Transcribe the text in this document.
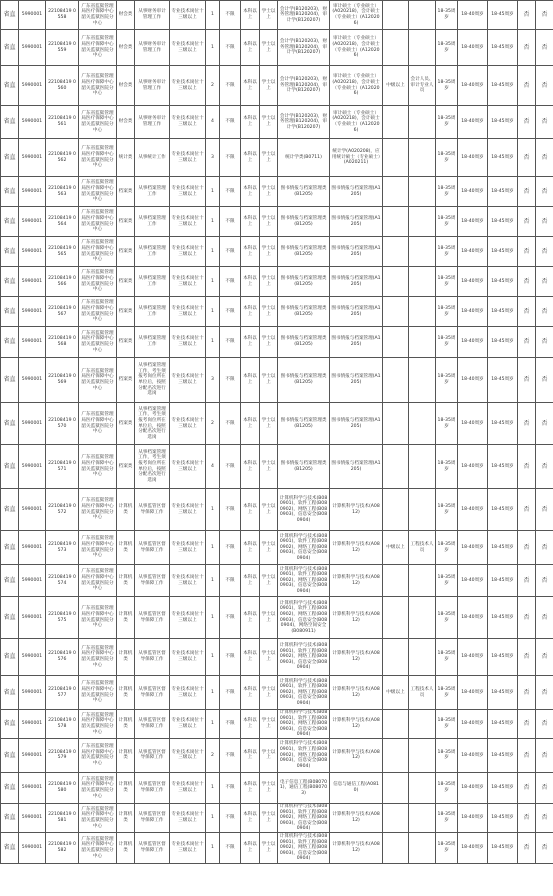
省直	5990001	22108419 0558	广东省监狱管理局医疗保障中心韶关监狱医院分中心	财会类	从事财务审计管理工作	专业技术岗位十三级以上	1	不限	本科以上	学士以上	会计学(B120203)，财务管理(B120204)，审计学(B120207)	审计硕士（专业硕士）(A020218)，会计硕士（专业硕士）(A120206)			18-35周岁	18-40周岁	18-45周岁	否	否
省直	5990001	22108419 0559	广东省监狱管理局医疗保障中心韶关监狱医院分中心	财会类	从事财务审计管理工作	专业技术岗位十三级以上	1	不限	本科以上	学士以上	会计学(B120203)，财务管理(B120204)，审计学(B120207)	审计硕士（专业硕士）(A020218)，会计硕士（专业硕士）(A120206)			18-35周岁	18-40周岁	18-45周岁	否	否
省直	5990001	22108419 0560	广东省监狱管理局医疗保障中心韶关监狱医院分中心	财会类	从事财务审计管理工作	专业技术岗位十三级以上	2	不限	本科以上	学士以上	会计学(B120203)，财务管理(B120204)，审计学(B120207)	审计硕士（专业硕士）(A020218)，会计硕士（专业硕士）(A120206)	中级以上	会计人员、审计专业人员	18-35周岁	18-40周岁	18-45周岁	否	否
省直	5990001	22108419 0561	广东省监狱管理局医疗保障中心韶关监狱医院分中心	财会类	从事财务审计管理工作	专业技术岗位十三级以上	4	不限	本科以上	学士以上	会计学(B120203)，财务管理(B120204)，审计学(B120207)	审计硕士（专业硕士）(A020218)，会计硕士（专业硕士）(A120206)			18-35周岁	18-40周岁	18-45周岁	否	否
省直	5990001	22108419 0562	广东省监狱管理局医疗保障中心韶关监狱医院分中心	统计类	从事统计工作	专业技术岗位十三级以上	3	不限	本科以上	学士以上	统计学类(B0711)	统计学(A020208)，应用统计硕士（专业硕士）(A020211)			18-35周岁	18-40周岁	18-45周岁	否	否
省直	5990001	22108419 0563	广东省监狱管理局医疗保障中心韶关监狱医院分中心	档案类	从事档案管理工作	专业技术岗位十三级以上	1	不限	本科以上	学士以上	图书情报与档案管理类(B1205)	图书情报与档案管理(A1205)			18-35周岁	18-40周岁	18-45周岁	否	否
省直	5990001	22108419 0564	广东省监狱管理局医疗保障中心韶关监狱医院分中心	档案类	从事档案管理工作	专业技术岗位十三级以上	1	不限	本科以上	学士以上	图书情报与档案管理类(B1205)	图书情报与档案管理(A1205)			18-35周岁	18-40周岁	18-45周岁	否	否
省直	5990001	22108419 0565	广东省监狱管理局医疗保障中心韶关监狱医院分中心	档案类	从事档案管理工作	专业技术岗位十三级以上	1	不限	本科以上	学士以上	图书情报与档案管理类(B1205)	图书情报与档案管理(A1205)			18-35周岁	18-40周岁	18-45周岁	否	否
省直	5990001	22108419 0566	广东省监狱管理局医疗保障中心韶关监狱医院分中心	档案类	从事档案管理工作	专业技术岗位十三级以上	1	不限	本科以上	学士以上	图书情报与档案管理类(B1205)	图书情报与档案管理(A1205)			18-35周岁	18-40周岁	18-45周岁	否	否
省直	5990001	22108419 0567	广东省监狱管理局医疗保障中心韶关监狱医院分中心	档案类	从事档案管理工作	专业技术岗位十三级以上	1	不限	本科以上	学士以上	图书情报与档案管理类(B1205)	图书情报与档案管理(A1205)			18-35周岁	18-40周岁	18-45周岁	否	否
省直	5990001	22108419 0568	广东省监狱管理局医疗保障中心韶关监狱医院分中心	档案类	从事档案管理工作	专业技术岗位十三级以上	1	不限	本科以上	学士以上	图书情报与档案管理类(B1205)	图书情报与档案管理(A1205)			18-35周岁	18-40周岁	18-45周岁	否	否
省直	5990001	22108419 0569	广东省监狱管理局医疗保障中心韶关监狱医院分中心	档案类	从事档案管理工作，考生须报考岗位所在单位后，按照分配名次进行选岗	专业技术岗位十三级以上	3	不限	本科以上	学士以上	图书情报与档案管理类(B1205)	图书情报与档案管理(A1205)			18-35周岁	18-40周岁	18-45周岁	否	否
省直	5990001	22108419 0570	广东省监狱管理局医疗保障中心韶关监狱医院分中心	档案类	从事档案管理工作，考生须报考岗位所在单位后，按照分配名次进行选岗	专业技术岗位十三级以上	2	不限	本科以上	学士以上	图书情报与档案管理类(B1205)	图书情报与档案管理(A1205)			18-35周岁	18-40周岁	18-45周岁	否	否
省直	5990001	22108419 0571	广东省监狱管理局医疗保障中心韶关监狱医院分中心	档案类	从事档案管理工作，考生须报考岗位所在单位后，按照分配名次进行选岗	专业技术岗位十三级以上	4	不限	本科以上	学士以上	图书情报与档案管理类(B1205)	图书情报与档案管理(A1205)			18-35周岁	18-40周岁	18-45周岁	否	否
省直	5990001	22108419 0572	广东省监狱管理局医疗保障中心韶关监狱医院分中心	计算机类	从事监管区督导保障工作	专业技术岗位十三级以上	1	不限	本科以上	学士以上	计算机科学与技术(B080901)，软件工程(B080902)，网络工程(B080903)，信息安全(B080904)	计算机科学与技术(A0812)			18-35周岁	18-40周岁	18-45周岁	否	否
省直	5990001	22108419 0573	广东省监狱管理局医疗保障中心韶关监狱医院分中心	计算机类	从事监管区督导保障工作	专业技术岗位十三级以上	1	不限	本科以上	学士以上	计算机科学与技术(B080901)，软件工程(B080902)，网络工程(B080903)，信息安全(B080904)	计算机科学与技术(A0812)	中级以上	工程技术人员	18-35周岁	18-40周岁	18-45周岁	否	否
省直	5990001	22108419 0574	广东省监狱管理局医疗保障中心韶关监狱医院分中心	计算机类	从事监管区督导保障工作	专业技术岗位十三级以上	1	不限	本科以上	学士以上	计算机科学与技术(B080901)，软件工程(B080902)，网络工程(B080903)，信息安全(B080904)	计算机科学与技术(A0812)			18-35周岁	18-40周岁	18-45周岁	否	否
省直	5990001	22108419 0575	广东省监狱管理局医疗保障中心韶关监狱医院分中心	计算机类	从事监管区督导保障工作	专业技术岗位十三级以上	1	不限	本科以上	学士以上	计算机科学与技术(B080901)，软件工程(B080902)，网络工程(B080903)，信息安全(B080904)，网络空间安全(B080911)	计算机科学与技术(A0812)			18-35周岁	18-40周岁	18-45周岁	否	否
省直	5990001	22108419 0576	广东省监狱管理局医疗保障中心韶关监狱医院分中心	计算机类	从事监管区督导保障工作	专业技术岗位十三级以上	1	不限	本科以上	学士以上	计算机科学与技术(B080901)，软件工程(B080902)，网络工程(B080903)，信息安全(B080904)	计算机科学与技术(A0812)			18-35周岁	18-40周岁	18-45周岁	否	否
省直	5990001	22108419 0577	广东省监狱管理局医疗保障中心韶关监狱医院分中心	计算机类	从事监管区督导保障工作	专业技术岗位十三级以上	1	不限	本科以上	学士以上	计算机科学与技术(B080901)，软件工程(B080902)，网络工程(B080903)，信息安全(B080904)	计算机科学与技术(A0812)	中级以上	工程技术人员	18-35周岁	18-40周岁	18-45周岁	否	否
省直	5990001	22108419 0578	广东省监狱管理局医疗保障中心韶关监狱医院分中心	计算机类	从事监管区督导保障工作	专业技术岗位十三级以上	1	不限	本科以上	学士以上	计算机科学与技术(B080901)，软件工程(B080902)，网络工程(B080903)，信息安全(B080904)	计算机科学与技术(A0812)			18-35周岁	18-40周岁	18-45周岁	否	否
省直	5990001	22108419 0579	广东省监狱管理局医疗保障中心韶关监狱医院分中心	计算机类	从事监管区督导保障工作	专业技术岗位十三级以上	2	不限	本科以上	学士以上	计算机科学与技术(B080901)，软件工程(B080902)，网络工程(B080903)，信息安全(B080904)	计算机科学与技术(A0812)			18-35周岁	18-40周岁	18-45周岁	否	否
省直	5990001	22108419 0580	广东省监狱管理局医疗保障中心韶关监狱医院分中心	计算机类	从事监管区督导保障工作	专业技术岗位十三级以上	1	不限	本科以上	学士以上	电子信息工程(B080701)，通信工程(B080703)	信息与通信工程(A0810)			18-35周岁	18-40周岁	18-45周岁	否	否
省直	5990001	22108419 0581	广东省监狱管理局医疗保障中心韶关监狱医院分中心	计算机类	从事监管区督导保障工作	专业技术岗位十三级以上	1	不限	本科以上	学士以上	计算机科学与技术(B080901)，软件工程(B080902)，网络工程(B080903)，信息安全(B080904)	计算机科学与技术(A0812)			18-35周岁	18-40周岁	18-45周岁	否	否
省直	5990001	22108419 0582	广东省监狱管理局医疗保障中心韶关监狱医院分中心	计算机类	从事监管区督导保障工作	专业技术岗位十三级以上	1	不限	本科以上	学士以上	计算机科学与技术(B080901)，软件工程(B080902)，网络工程(B080903)，信息安全(B080904)	计算机科学与技术(A0812)			18-35周岁	18-40周岁	18-45周岁	否	否
